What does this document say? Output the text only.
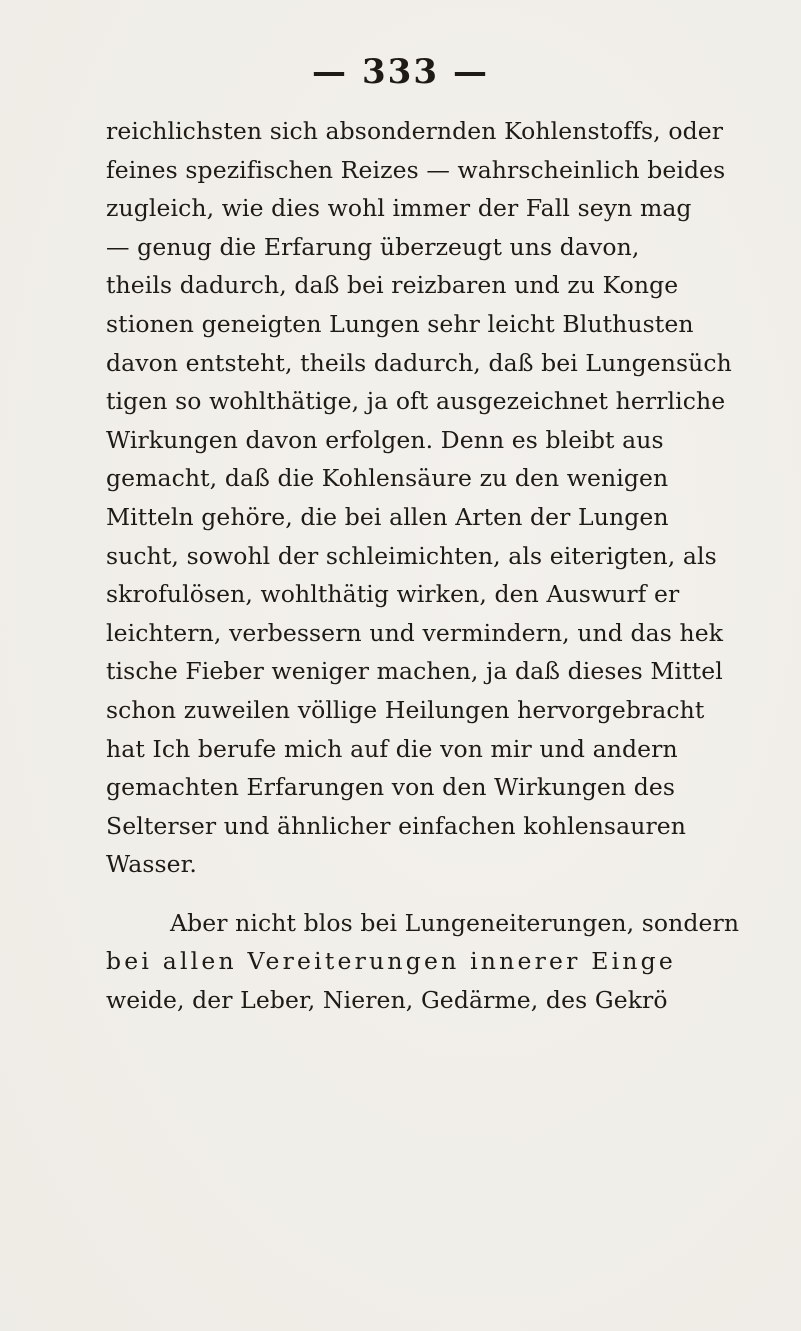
— 333 —
reichlichsten sich absondernden Kohlenstoffs, oder
feines spezifischen Reizes — wahrscheinlich beides
zugleich, wie dies wohl immer der Fall seyn mag
— genug die Erfarung überzeugt uns davon,
theils dadurch, daß bei reizbaren und zu Konge
stionen geneigten Lungen sehr leicht Bluthusten
davon entsteht, theils dadurch, daß bei Lungensüch
tigen so wohlthätige, ja oft ausgezeichnet herrliche
Wirkungen davon erfolgen. Denn es bleibt aus
gemacht, daß die Kohlensäure zu den wenigen
Mitteln gehöre, die bei allen Arten der Lungen
sucht, sowohl der schleimichten, als eiterigten, als
skrofulösen, wohlthätig wirken, den Auswurf er
leichtern, verbessern und vermindern, und das hek
tische Fieber weniger machen, ja daß dieses Mittel
schon zuweilen völlige Heilungen hervorgebracht
hat Ich berufe mich auf die von mir und andern
gemachten Erfarungen von den Wirkungen des
Selterser und ähnlicher einfachen kohlensauren
Wasser.
Aber nicht blos bei Lungeneiterungen, sondern
bei allen Vereiterungen innerer Einge
weide, der Leber, Nieren, Gedärme, des Gekrö
